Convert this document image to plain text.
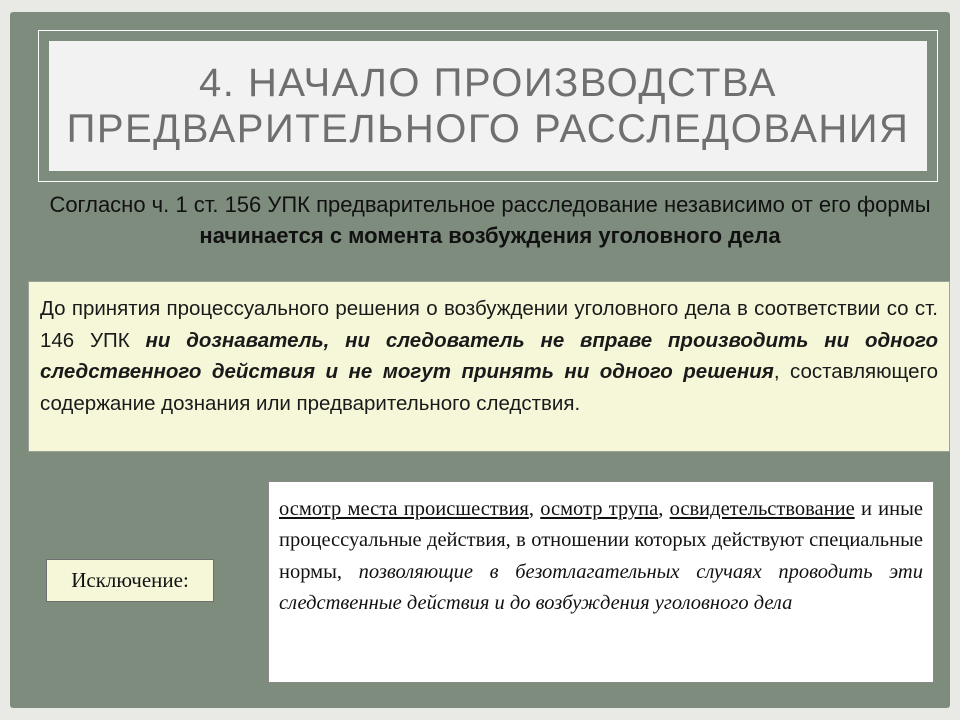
4. НАЧАЛО ПРОИЗВОДСТВА
ПРЕДВАРИТЕЛЬНОГО РАССЛЕДОВАНИЯ
Согласно ч. 1 ст. 156 УПК предварительное расследование независимо от его формы начинается с момента возбуждения уголовного дела
До принятия процессуального решения о возбуждении уголовного дела в соответствии со ст. 146 УПК ни дознаватель, ни следователь не вправе производить ни одного следственного действия и не могут принять ни одного решения, составляющего содержание дознания или предварительного следствия.
Исключение:
осмотр места происшествия, осмотр трупа, освидетельствование и иные процессуальные действия, в отношении которых действуют специальные нормы, позволяющие в безотлагательных случаях проводить эти следственные действия и до возбуждения уголовного дела
